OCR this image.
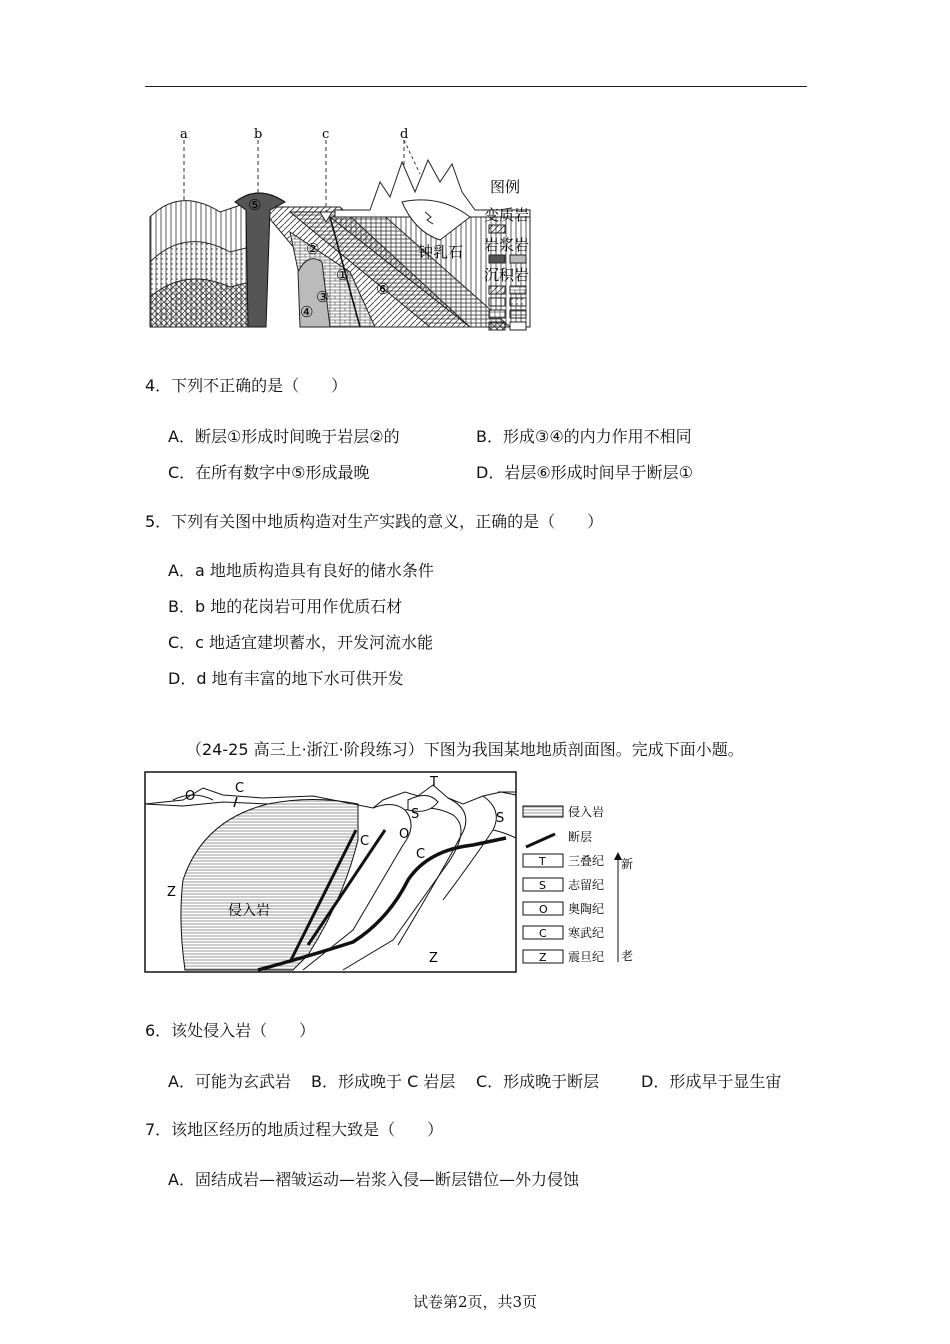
a	b	c	d
①
②
③
④
⑤
⑥
钟乳石
图例
变质岩
岩浆岩
沉积岩
4．下列不正确的是（　　）
A．断层①形成时间晚于岩层②的	B．形成③④的内力作用不相同
C．在所有数字中⑤形成最晚	D．岩层⑥形成时间早于断层①
5．下列有关图中地质构造对生产实践的意义，正确的是（　　）
A．a 地地质构造具有良好的储水条件
B．b 地的花岗岩可用作优质石材
C．c 地适宜建坝蓄水，开发河流水能
D．d 地有丰富的地下水可供开发
（24-25 高三上·浙江·阶段练习）下图为我国某地地质剖面图。完成下面小题。
O
C
C O
S
T
S
C
Z
Z
侵入岩
侵入岩
断层
T 三叠纪
S 志留纪
O 奥陶纪
C 寒武纪
Z 震旦纪
新
老
6．该处侵入岩（　　）
A．可能为玄武岩 B．形成晚于 C 岩层 C．形成晚于断层	D．形成早于显生宙
7．该地区经历的地质过程大致是（　　）
A．固结成岩—褶皱运动—岩浆入侵—断层错位—外力侵蚀
试卷第2页，共3页
